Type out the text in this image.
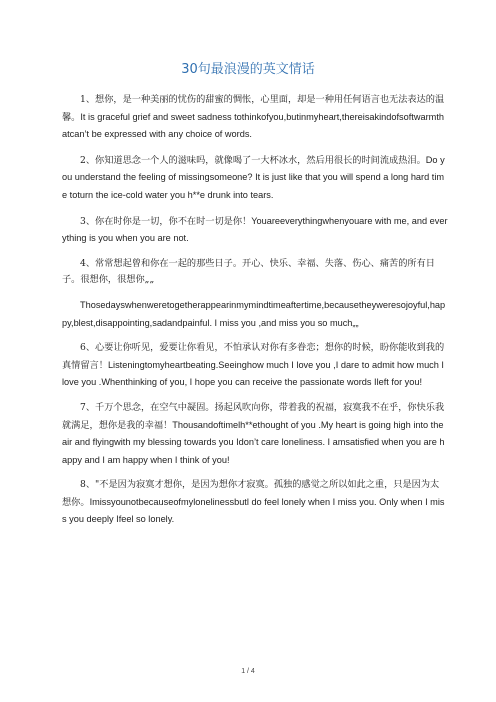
30句最浪漫的英文情话

1、想你，是一种美丽的忧伤的甜蜜的惆怅，心里面，却是一种用任何语言也无法表达的温馨。It is graceful grief and sweet sadness tothinkofyou,butinmyheart,thereisakindofsoftwarmthatcan’t be expressed with any choice of words.

2、你知道思念一个人的滋味吗，就像喝了一大杯冰水，然后用很长的时间流成热泪。Do you understand the feeling of missingsomeone? It is just like that you will spend a long hard time toturn the ice-cold water you h**e drunk into tears.

3、你在时你是一切，你不在时一切是你！Youareeverythingwhenyouare with me, and everything is you when you are not.

4、常常想起曾和你在一起的那些日子。开心、快乐、幸福、失落、伤心、痛苦的所有日子。很想你，很想你„„

Thosedayswhenweretogetherappearinmymindtimeaftertime,becausetheyweresojoyful,happy,blest,disappointing,sadandpainful. I miss you ,and miss you so much„„

6、心要让你听见，爱要让你看见，不怕承认对你有多眷恋；想你的时候，盼你能收到我的真情留言！Listeningtomyheartbeating.Seeinghow much I love you ,I dare to admit how much I love you .Whenthinking of you, I hope you can receive the passionate words Ileft for you!

7、千万个思念，在空气中凝固。扬起风吹向你，带着我的祝福，寂寞我不在乎，你快乐我就满足，想你是我的幸福！Thousandoftimelh**ethought of you .My heart is going high into the air and flyingwith my blessing towards you Idon’t care loneliness. I amsatisfied when you are happy and I am happy when I think of you!

8、"不是因为寂寞才想你，是因为想你才寂寞。孤独的感觉之所以如此之重，只是因为太想你。Imissyounotbecauseofmylonelinessbutl do feel lonely when I miss you. Only when I miss you deeply Ifeel so lonely.

1 / 4
